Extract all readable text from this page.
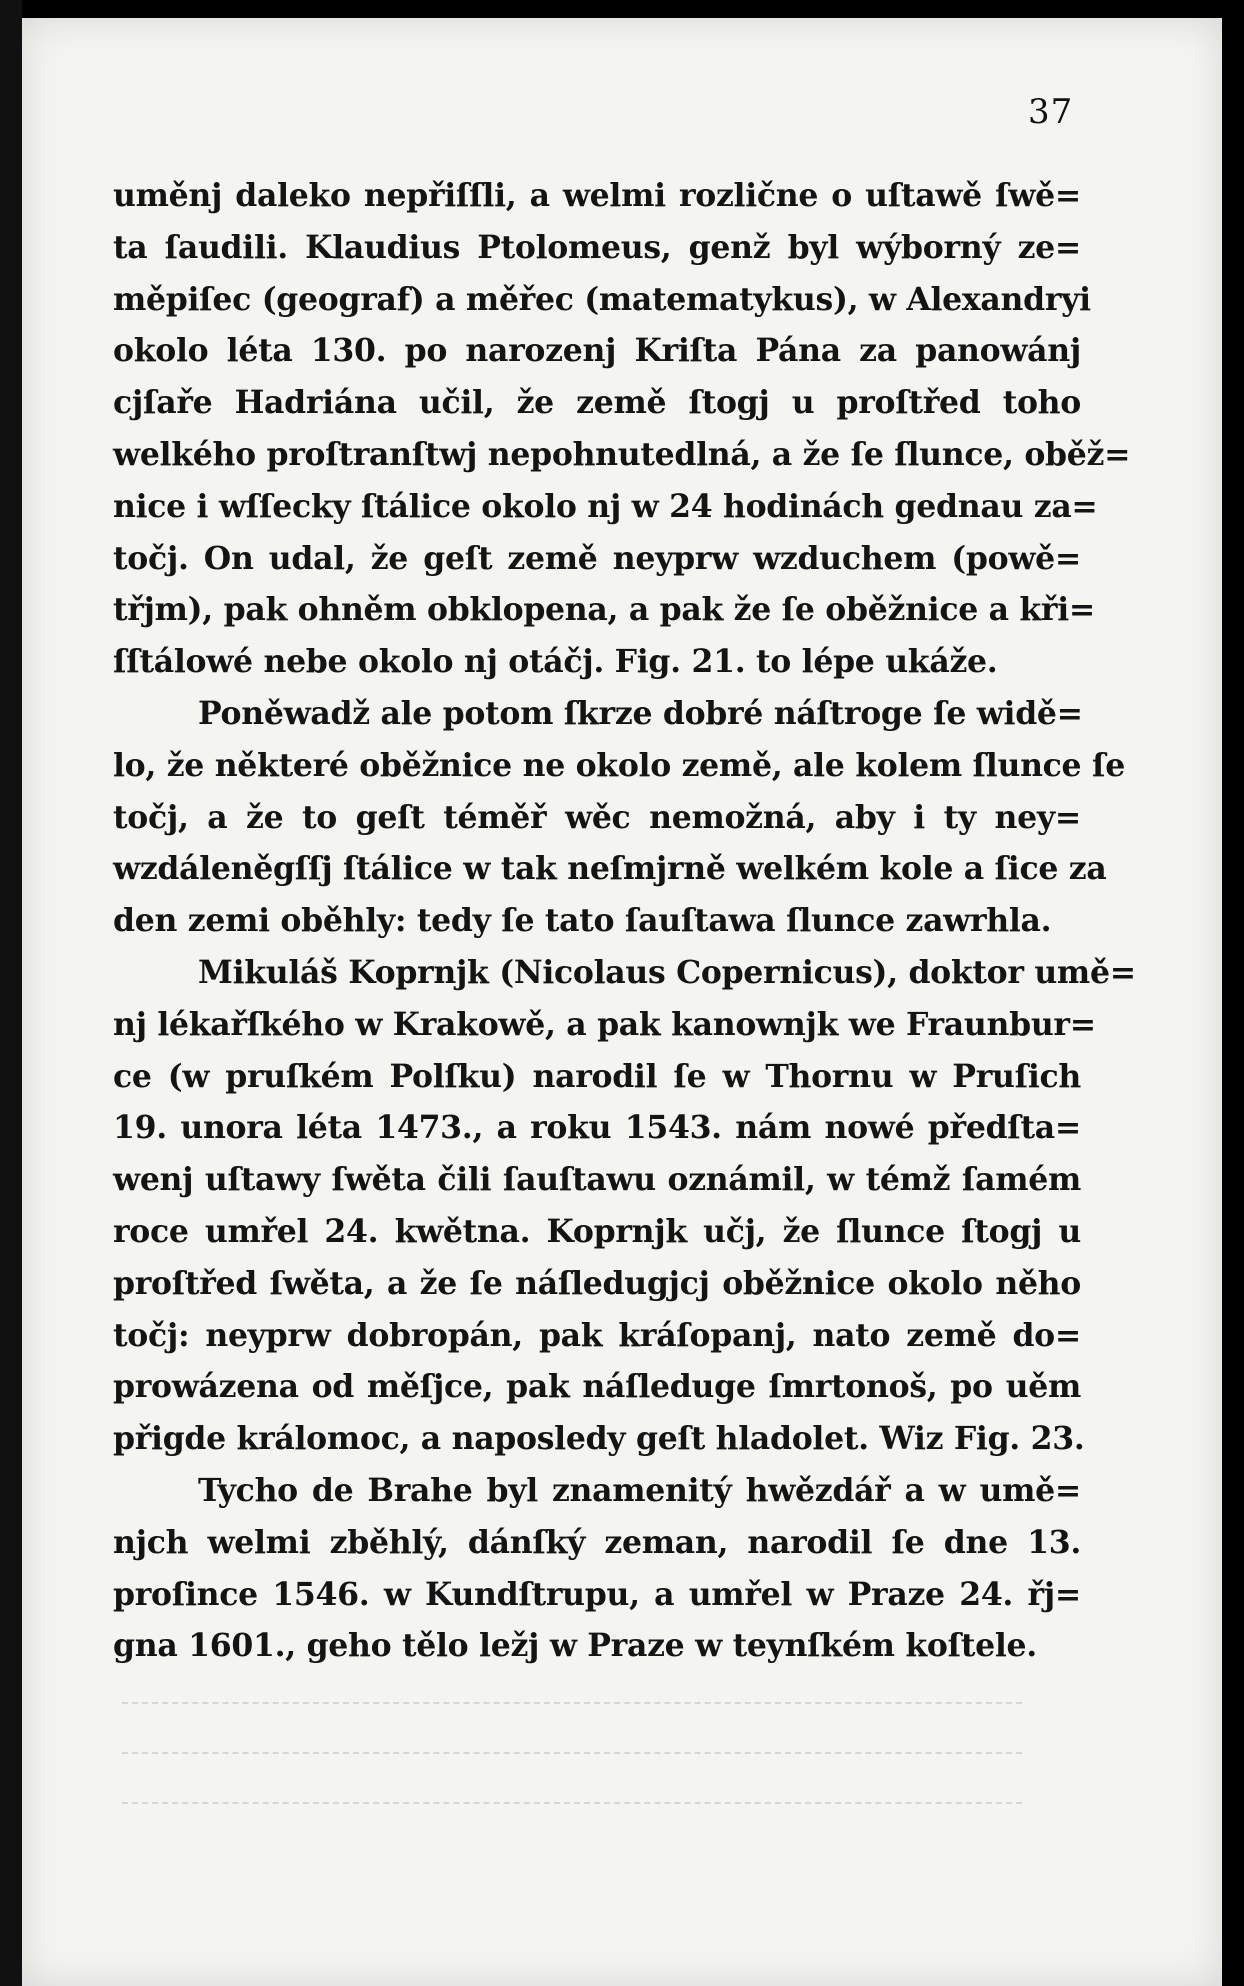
37
uměnj daleko nepřiſſli, a welmi rozlične o uſtawě ſwě=
ta ſaudili. Klaudius Ptolomeus, genž byl wýborný ze=
měpiſec (geograf) a měřec (matematykus), w Alexandryi
okolo léta 130. po narozenj Kriſta Pána za panowánj
cjſaře Hadriána učil, že země ſtogj u proſtřed toho
welkého proſtranſtwj nepohnutedlná, a že ſe ſlunce, oběž=
nice i wſſecky ſtálice okolo nj w 24 hodinách gednau za=
točj. On udal, že geſt země neyprw wzduchem (powě=
třjm), pak ohněm obklopena, a pak že ſe oběžnice a kři=
ſſtálowé nebe okolo nj otáčj. Fig. 21. to lépe ukáže.
Poněwadž ale potom ſkrze dobré náſtroge ſe widě=
lo, že některé oběžnice ne okolo země, ale kolem ſlunce ſe
točj, a že to geſt téměř wěc nemožná, aby i ty ney=
wzdáleněgſſj ſtálice w tak neſmjrně welkém kole a ſice za
den zemi oběhly: tedy ſe tato ſauſtawa ſlunce zawrhla.
Mikuláš Koprnjk (Nicolaus Copernicus), doktor umě=
nj lékařſkého w Krakowě, a pak kanownjk we Fraunbur=
ce (w pruſkém Polſku) narodil ſe w Thornu w Pruſich
19. unora léta 1473., a roku 1543. nám nowé předſta=
wenj uſtawy ſwěta čili ſauſtawu oznámil, w témž ſamém
roce umřel 24. kwětna. Koprnjk učj, že ſlunce ſtogj u
proſtřed ſwěta, a že ſe náſledugjcj oběžnice okolo něho
točj: neyprw dobropán, pak kráſopanj, nato země do=
prowázena od měſjce, pak náſleduge ſmrtonoš, po uěm
přigde králomoc, a naposledy geſt hladolet. Wiz Fig. 23.
Tycho de Brahe byl znamenitý hwězdář a w umě=
njch welmi zběhlý, dánſký zeman, narodil ſe dne 13.
proſince 1546. w Kundſtrupu, a umřel w Praze 24. řj=
gna 1601., geho tělo ležj w Praze w teynſkém koſtele.
